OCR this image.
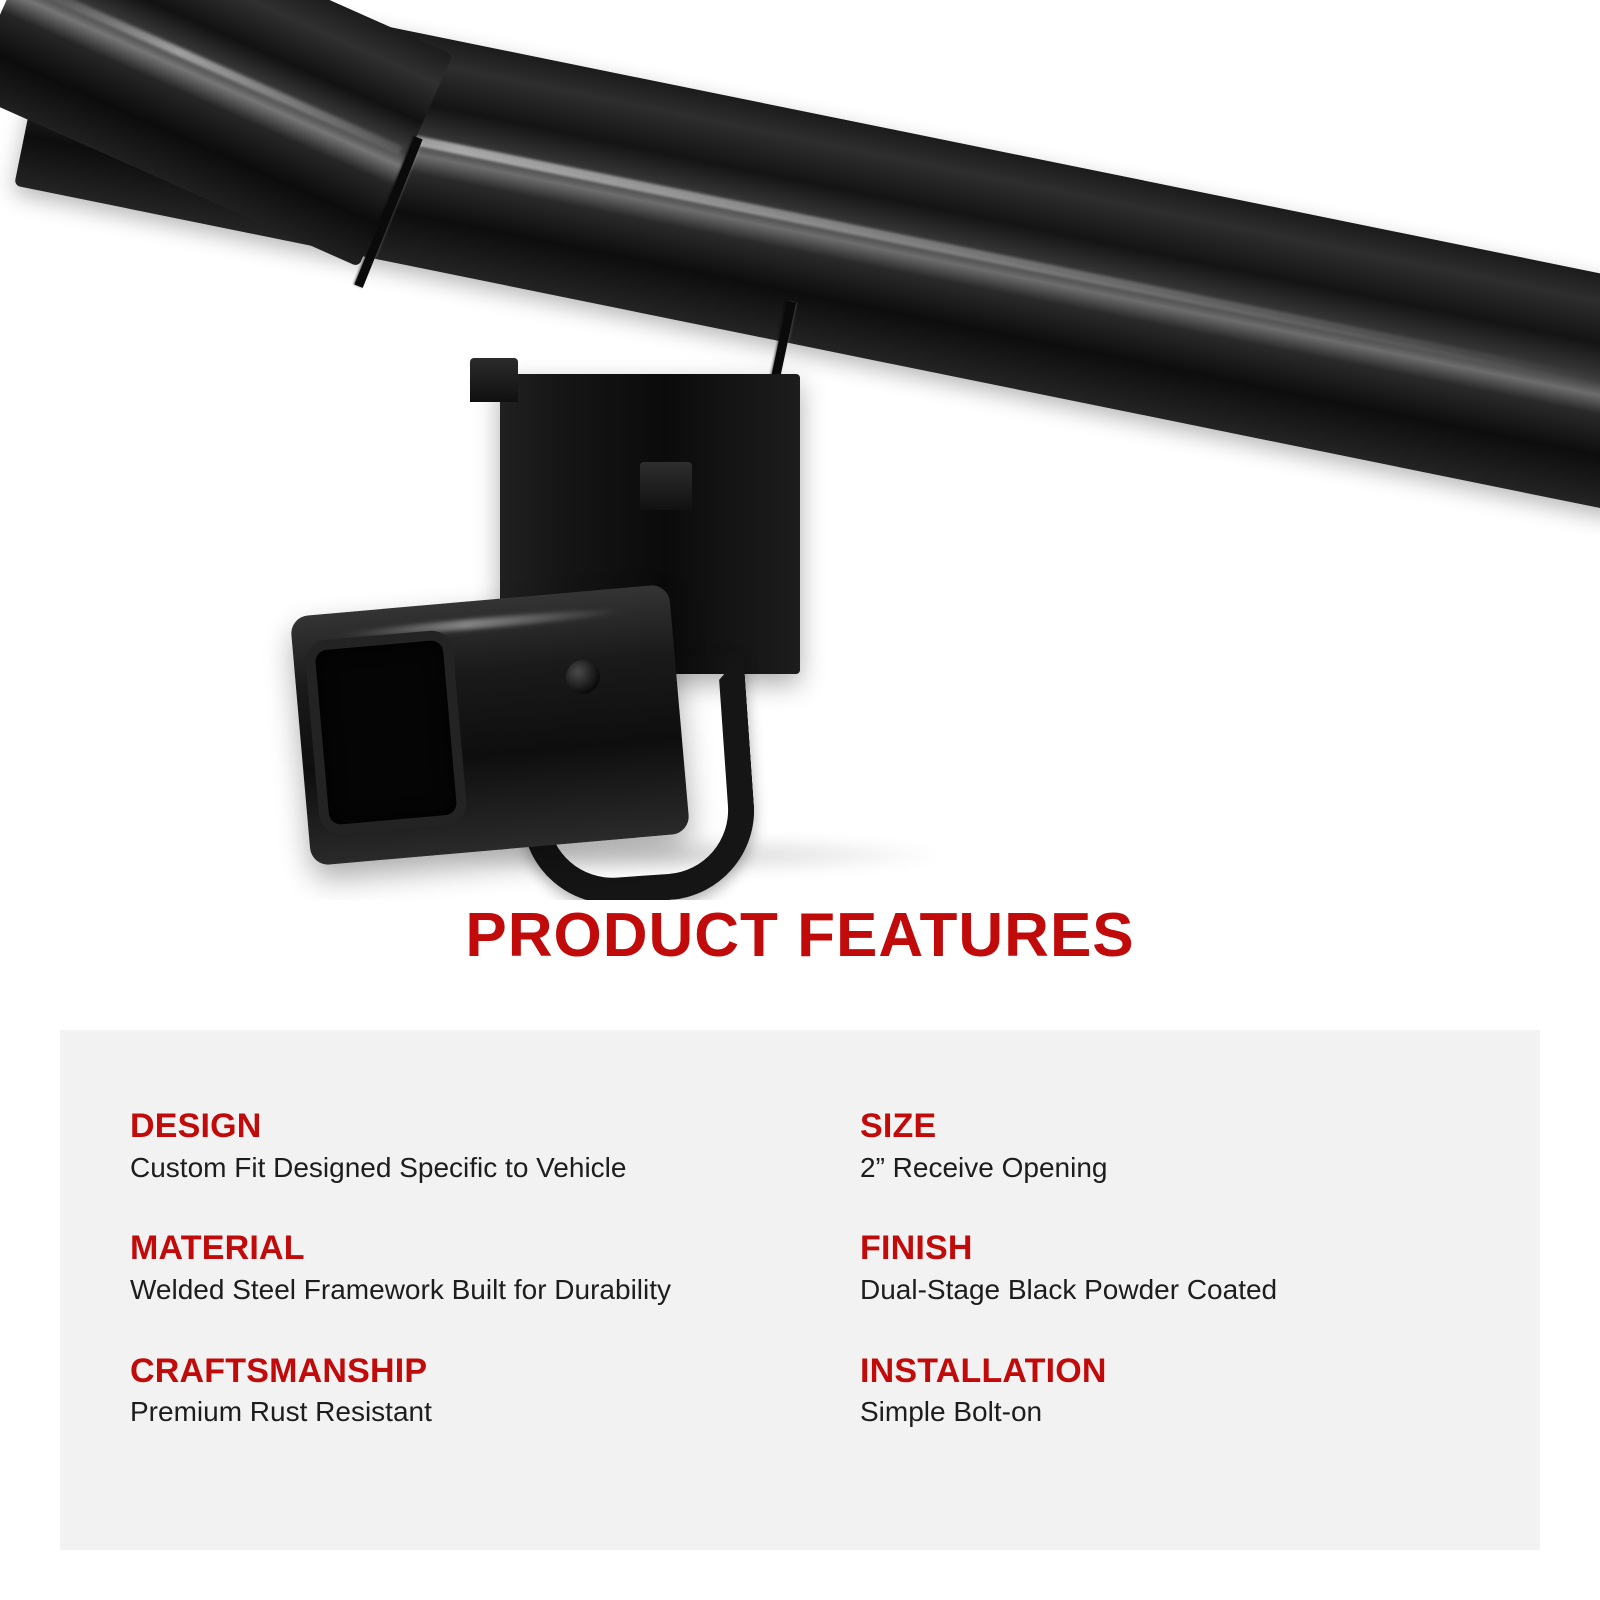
PRODUCT FEATURES

DESIGN

Custom Fit Designed Specific to Vehicle

MATERIAL

Welded Steel Framework Built for Durability

CRAFTSMANSHIP

Premium Rust Resistant

SIZE

2” Receive Opening

FINISH

Dual-Stage Black Powder Coated

INSTALLATION

Simple Bolt-on
